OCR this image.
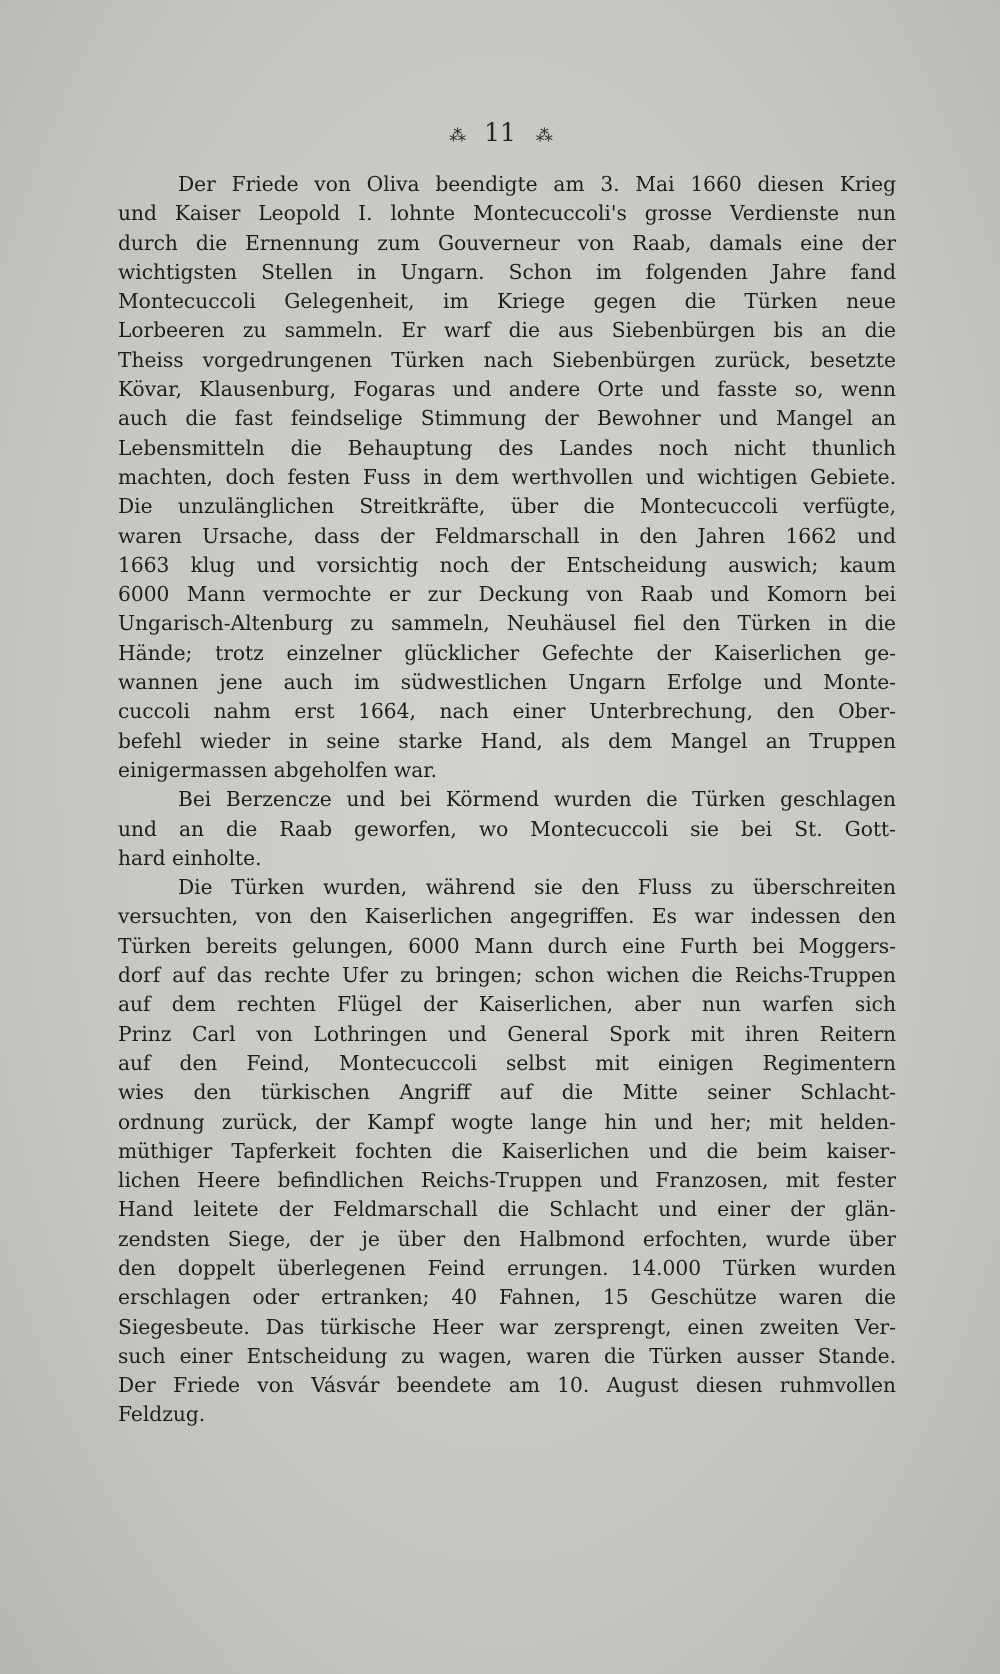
⁂ 11 ⁂
Der Friede von Oliva beendigte am 3. Mai 1660 diesen Krieg
und Kaiser Leopold I. lohnte Montecuccoli's grosse Verdienste nun
durch die Ernennung zum Gouverneur von Raab, damals eine der
wichtigsten Stellen in Ungarn. Schon im folgenden Jahre fand
Montecuccoli Gelegenheit, im Kriege gegen die Türken neue
Lorbeeren zu sammeln. Er warf die aus Siebenbürgen bis an die
Theiss vorgedrungenen Türken nach Siebenbürgen zurück, besetzte
Kövar, Klausenburg, Fogaras und andere Orte und fasste so, wenn
auch die fast feindselige Stimmung der Bewohner und Mangel an
Lebensmitteln die Behauptung des Landes noch nicht thunlich
machten, doch festen Fuss in dem werthvollen und wichtigen Gebiete.
Die unzulänglichen Streitkräfte, über die Montecuccoli verfügte,
waren Ursache, dass der Feldmarschall in den Jahren 1662 und
1663 klug und vorsichtig noch der Entscheidung auswich; kaum
6000 Mann vermochte er zur Deckung von Raab und Komorn bei
Ungarisch-Altenburg zu sammeln, Neuhäusel fiel den Türken in die
Hände; trotz einzelner glücklicher Gefechte der Kaiserlichen ge-
wannen jene auch im südwestlichen Ungarn Erfolge und Monte-
cuccoli nahm erst 1664, nach einer Unterbrechung, den Ober-
befehl wieder in seine starke Hand, als dem Mangel an Truppen
einigermassen abgeholfen war.
Bei Berzencze und bei Körmend wurden die Türken geschlagen
und an die Raab geworfen, wo Montecuccoli sie bei St. Gott-
hard einholte.
Die Türken wurden, während sie den Fluss zu überschreiten
versuchten, von den Kaiserlichen angegriffen. Es war indessen den
Türken bereits gelungen, 6000 Mann durch eine Furth bei Moggers-
dorf auf das rechte Ufer zu bringen; schon wichen die Reichs-Truppen
auf dem rechten Flügel der Kaiserlichen, aber nun warfen sich
Prinz Carl von Lothringen und General Spork mit ihren Reitern
auf den Feind, Montecuccoli selbst mit einigen Regimentern
wies den türkischen Angriff auf die Mitte seiner Schlacht-
ordnung zurück, der Kampf wogte lange hin und her; mit helden-
müthiger Tapferkeit fochten die Kaiserlichen und die beim kaiser-
lichen Heere befindlichen Reichs-Truppen und Franzosen, mit fester
Hand leitete der Feldmarschall die Schlacht und einer der glän-
zendsten Siege, der je über den Halbmond erfochten, wurde über
den doppelt überlegenen Feind errungen. 14.000 Türken wurden
erschlagen oder ertranken; 40 Fahnen, 15 Geschütze waren die
Siegesbeute. Das türkische Heer war zersprengt, einen zweiten Ver-
such einer Entscheidung zu wagen, waren die Türken ausser Stande.
Der Friede von Vásvár beendete am 10. August diesen ruhmvollen
Feldzug.
